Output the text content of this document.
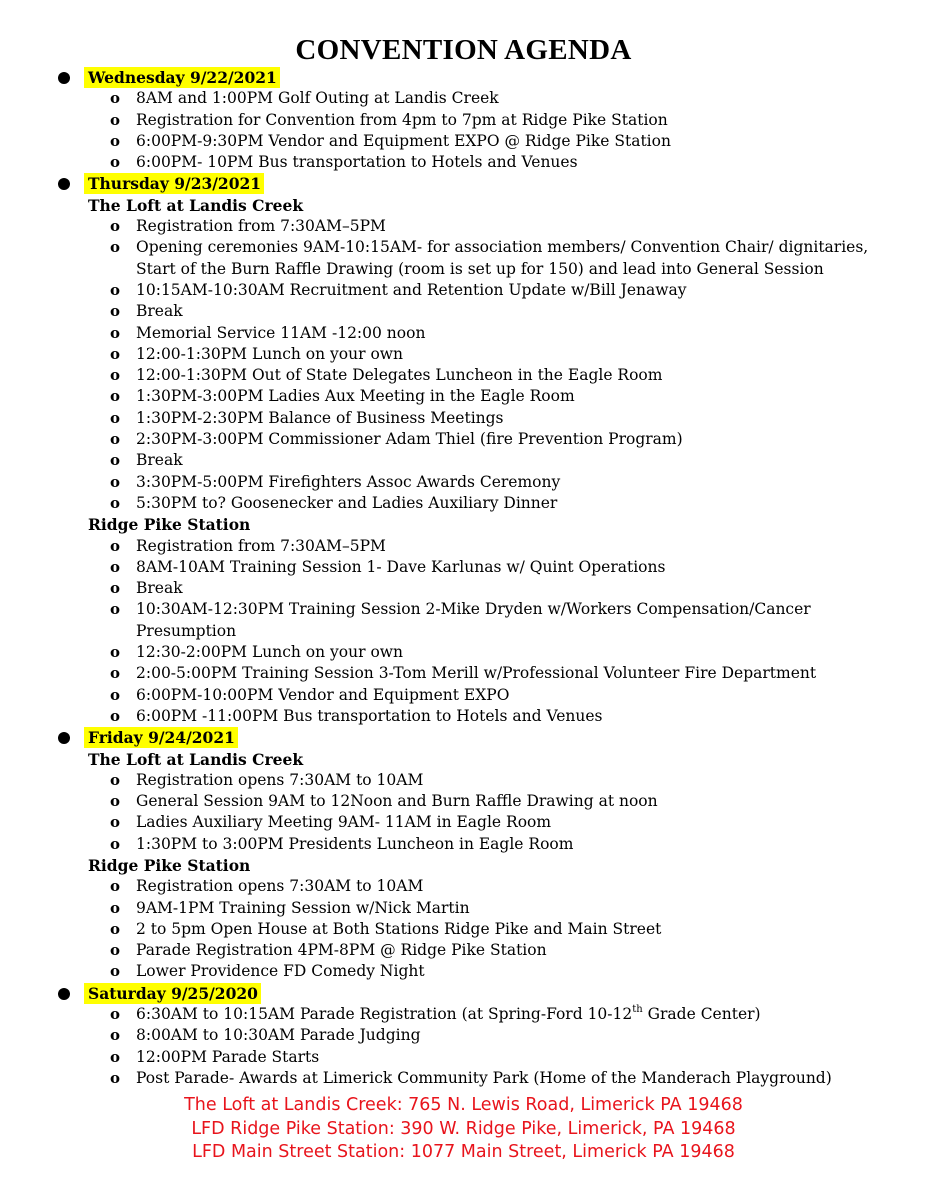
CONVENTION AGENDA
Wednesday 9/22/2021
o	8AM and 1:00PM Golf Outing at Landis Creek
o	Registration for Convention from 4pm to 7pm at Ridge Pike Station
o	6:00PM-9:30PM Vendor and Equipment EXPO @ Ridge Pike Station
o	6:00PM- 10PM Bus transportation to Hotels and Venues
Thursday 9/23/2021
The Loft at Landis Creek
o	Registration from 7:30AM–5PM
o	Opening ceremonies 9AM-10:15AM- for association members/ Convention Chair/ dignitaries, Start of the Burn Raffle Drawing (room is set up for 150) and lead into General Session
o	10:15AM-10:30AM Recruitment and Retention Update w/Bill Jenaway
o	Break
o	Memorial Service 11AM -12:00 noon
o	12:00-1:30PM Lunch on your own
o	12:00-1:30PM Out of State Delegates Luncheon in the Eagle Room
o	1:30PM-3:00PM Ladies Aux Meeting in the Eagle Room
o	1:30PM-2:30PM Balance of Business Meetings
o	2:30PM-3:00PM Commissioner Adam Thiel (fire Prevention Program)
o	Break
o	3:30PM-5:00PM Firefighters Assoc Awards Ceremony
o	5:30PM to? Goosenecker and Ladies Auxiliary Dinner
Ridge Pike Station
o	Registration from 7:30AM–5PM
o	8AM-10AM Training Session 1- Dave Karlunas w/ Quint Operations
o	Break
o	10:30AM-12:30PM Training Session 2-Mike Dryden w/Workers Compensation/Cancer Presumption
o	12:30-2:00PM Lunch on your own
o	2:00-5:00PM Training Session 3-Tom Merill w/Professional Volunteer Fire Department
o	6:00PM-10:00PM Vendor and Equipment EXPO
o	6:00PM -11:00PM Bus transportation to Hotels and Venues
Friday 9/24/2021
The Loft at Landis Creek
o	Registration opens 7:30AM to 10AM
o	General Session 9AM to 12Noon and Burn Raffle Drawing at noon
o	Ladies Auxiliary Meeting 9AM- 11AM in Eagle Room
o	1:30PM to 3:00PM Presidents Luncheon in Eagle Room
Ridge Pike Station
o	Registration opens 7:30AM to 10AM
o	9AM-1PM Training Session w/Nick Martin
o	2 to 5pm Open House at Both Stations Ridge Pike and Main Street
o	Parade Registration 4PM-8PM @ Ridge Pike Station
o	Lower Providence FD Comedy Night
Saturday 9/25/2020
o	6:30AM to 10:15AM Parade Registration (at Spring-Ford 10-12th Grade Center)
o	8:00AM to 10:30AM Parade Judging
o	12:00PM Parade Starts
o	Post Parade- Awards at Limerick Community Park (Home of the Manderach Playground)
The Loft at Landis Creek: 765 N. Lewis Road, Limerick PA 19468
LFD Ridge Pike Station: 390 W. Ridge Pike, Limerick, PA 19468
LFD Main Street Station: 1077 Main Street, Limerick PA 19468
